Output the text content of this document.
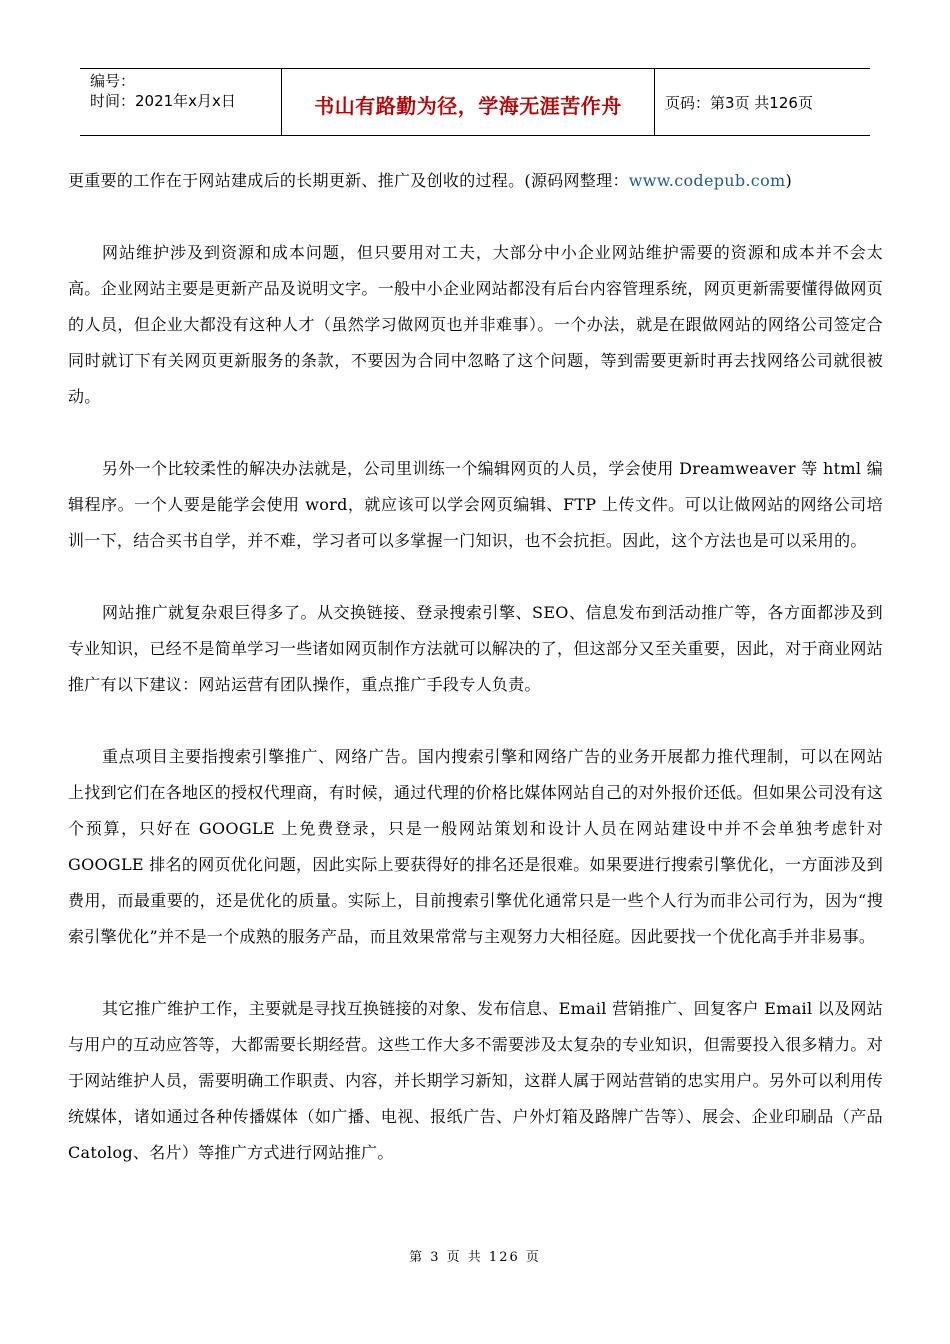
编号：
时间：2021年x月x日	书山有路勤为径，学海无涯苦作舟	页码：第3页 共126页

更重要的工作在于网站建成后的长期更新、推广及创收的过程。(源码网整理：www.codepub.com)

网站维护涉及到资源和成本问题，但只要用对工夫，大部分中小企业网站维护需要的资源和成本并不会太高。企业网站主要是更新产品及说明文字。一般中小企业网站都没有后台内容管理系统，网页更新需要懂得做网页的人员，但企业大都没有这种人才（虽然学习做网页也并非难事）。一个办法，就是在跟做网站的网络公司签定合同时就订下有关网页更新服务的条款，不要因为合同中忽略了这个问题，等到需要更新时再去找网络公司就很被动。

另外一个比较柔性的解决办法就是，公司里训练一个编辑网页的人员，学会使用 Dreamweaver 等 html 编辑程序。一个人要是能学会使用 word，就应该可以学会网页编辑、FTP 上传文件。可以让做网站的网络公司培训一下，结合买书自学，并不难，学习者可以多掌握一门知识，也不会抗拒。因此，这个方法也是可以采用的。

网站推广就复杂艰巨得多了。从交换链接、登录搜索引擎、SEO、信息发布到活动推广等，各方面都涉及到专业知识，已经不是简单学习一些诸如网页制作方法就可以解决的了，但这部分又至关重要，因此，对于商业网站推广有以下建议：网站运营有团队操作，重点推广手段专人负责。

重点项目主要指搜索引擎推广、网络广告。国内搜索引擎和网络广告的业务开展都力推代理制，可以在网站上找到它们在各地区的授权代理商，有时候，通过代理的价格比媒体网站自己的对外报价还低。但如果公司没有这个预算，只好在 GOOGLE 上免费登录，只是一般网站策划和设计人员在网站建设中并不会单独考虑针对 GOOGLE 排名的网页优化问题，因此实际上要获得好的排名还是很难。如果要进行搜索引擎优化，一方面涉及到费用，而最重要的，还是优化的质量。实际上，目前搜索引擎优化通常只是一些个人行为而非公司行为，因为“搜索引擎优化”并不是一个成熟的服务产品，而且效果常常与主观努力大相径庭。因此要找一个优化高手并非易事。

其它推广维护工作，主要就是寻找互换链接的对象、发布信息、Email 营销推广、回复客户 Email 以及网站与用户的互动应答等，大都需要长期经营。这些工作大多不需要涉及太复杂的专业知识，但需要投入很多精力。对于网站维护人员，需要明确工作职责、内容，并长期学习新知，这群人属于网站营销的忠实用户。另外可以利用传统媒体，诸如通过各种传播媒体（如广播、电视、报纸广告、户外灯箱及路牌广告等）、展会、企业印刷品（产品 Catolog、名片）等推广方式进行网站推广。

第 3 页 共 126 页
